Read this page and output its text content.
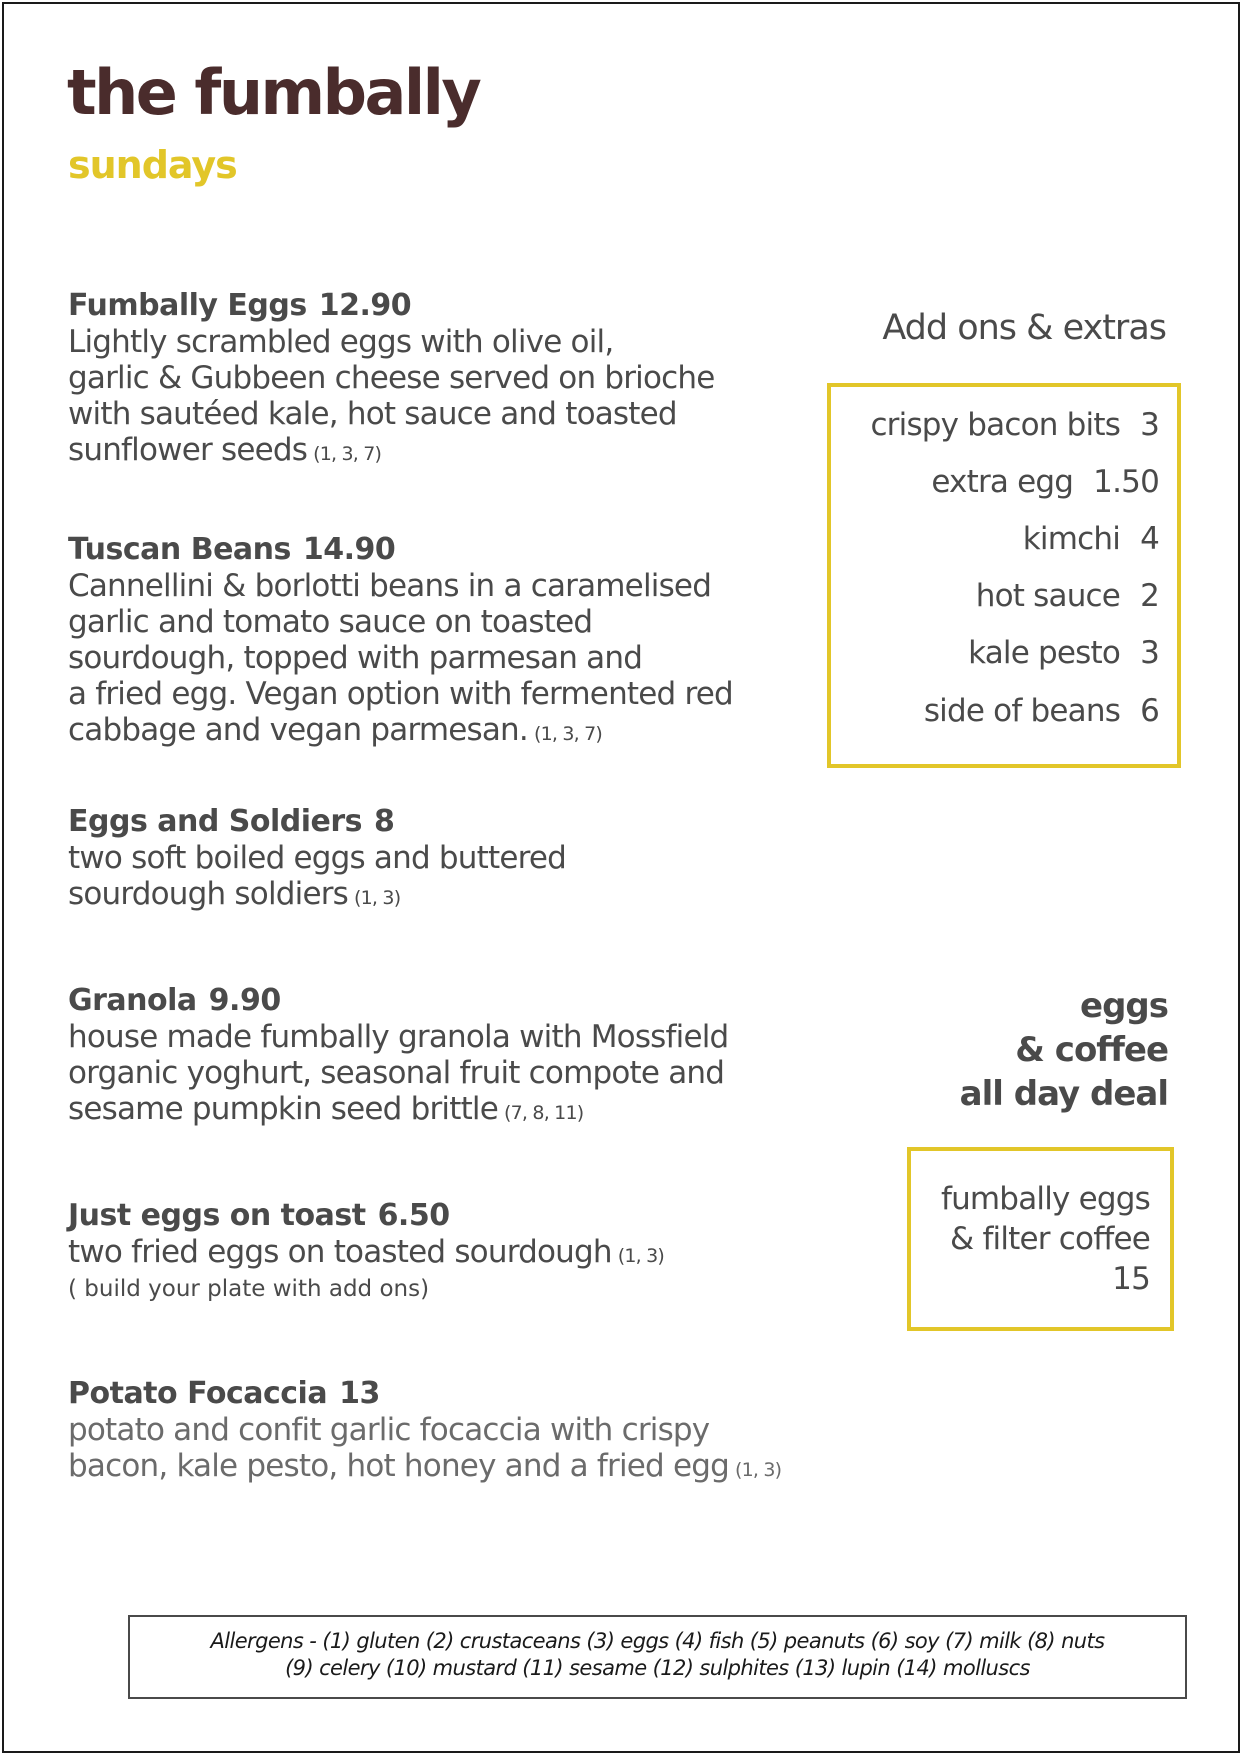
the fumbally
sundays
Fumbally Eggs 12.90
Lightly scrambled eggs with olive oil,
garlic & Gubbeen cheese served on brioche
with sautéed kale, hot sauce and toasted
sunflower seeds (1, 3, 7)
Tuscan Beans 14.90
Cannellini & borlotti beans in a caramelised
garlic and tomato sauce on toasted
sourdough, topped with parmesan and
a fried egg. Vegan option with fermented red
cabbage and vegan parmesan. (1, 3, 7)
Eggs and Soldiers 8
two soft boiled eggs and buttered
sourdough soldiers (1, 3)
Granola 9.90
house made fumbally granola with Mossfield
organic yoghurt, seasonal fruit compote and
sesame pumpkin seed brittle (7, 8, 11)
Just eggs on toast 6.50
two fried eggs on toasted sourdough (1, 3)
( build your plate with add ons)
Potato Focaccia 13
potato and confit garlic focaccia with crispy
bacon, kale pesto, hot honey and a fried egg (1, 3)
Add ons & extras
crispy bacon bits 3
extra egg 1.50
kimchi 4
hot sauce 2
kale pesto 3
side of beans 6
eggs
& coffee
all day deal
fumbally eggs
& filter coffee
15
Allergens - (1) gluten (2) crustaceans (3) eggs (4) fish (5) peanuts (6) soy (7) milk (8) nuts
(9) celery (10) mustard (11) sesame (12) sulphites (13) lupin (14) molluscs
